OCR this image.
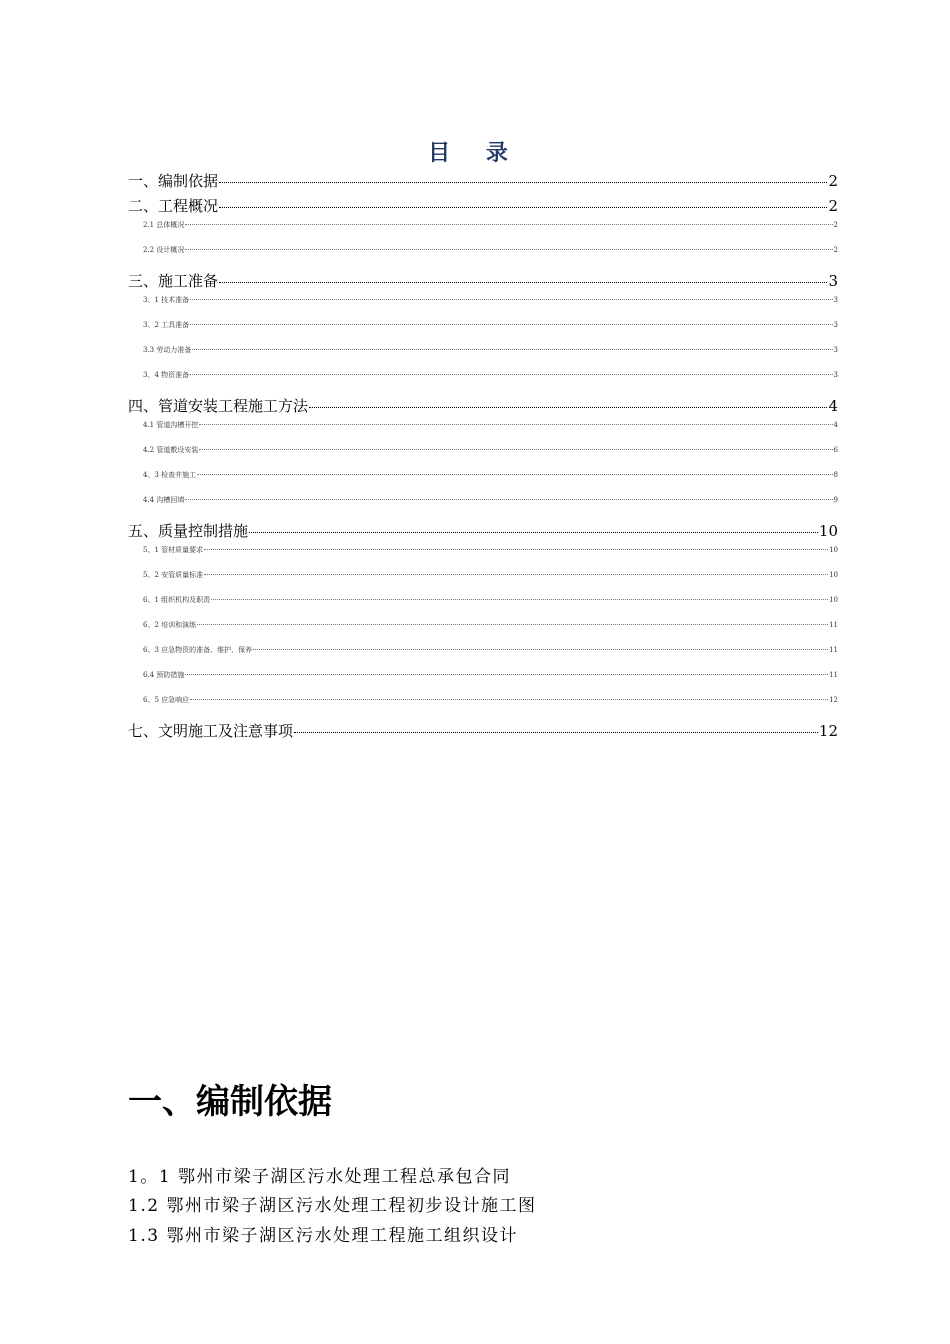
目 录
一、编制依据	2
二、工程概况	2
2.1 总体概况	2
2.2 设计概况	2
三、施工准备	3
3、1 技术准备	3
3、2 工具准备	3
3.3 劳动力准备	3
3、4 物资准备	3
四、管道安装工程施工方法	4
4.1 管道沟槽开挖	4
4.2 管道敷设安装	6
4、3 检查井施工	8
4.4 沟槽回填	9
五、质量控制措施	10
5、1 管材质量要求	10
5、2 安管质量标准	10
6、1 组织机构及职责	10
6、2 培训和演练	11
6、3 应急物资的准备、维护、保养	11
6.4 预防措施	11
6、5 应急响应	12
七、文明施工及注意事项	12
一、编制依据
1。1 鄂州市梁子湖区污水处理工程总承包合同
1.2 鄂州市梁子湖区污水处理工程初步设计施工图
1.3 鄂州市梁子湖区污水处理工程施工组织设计
